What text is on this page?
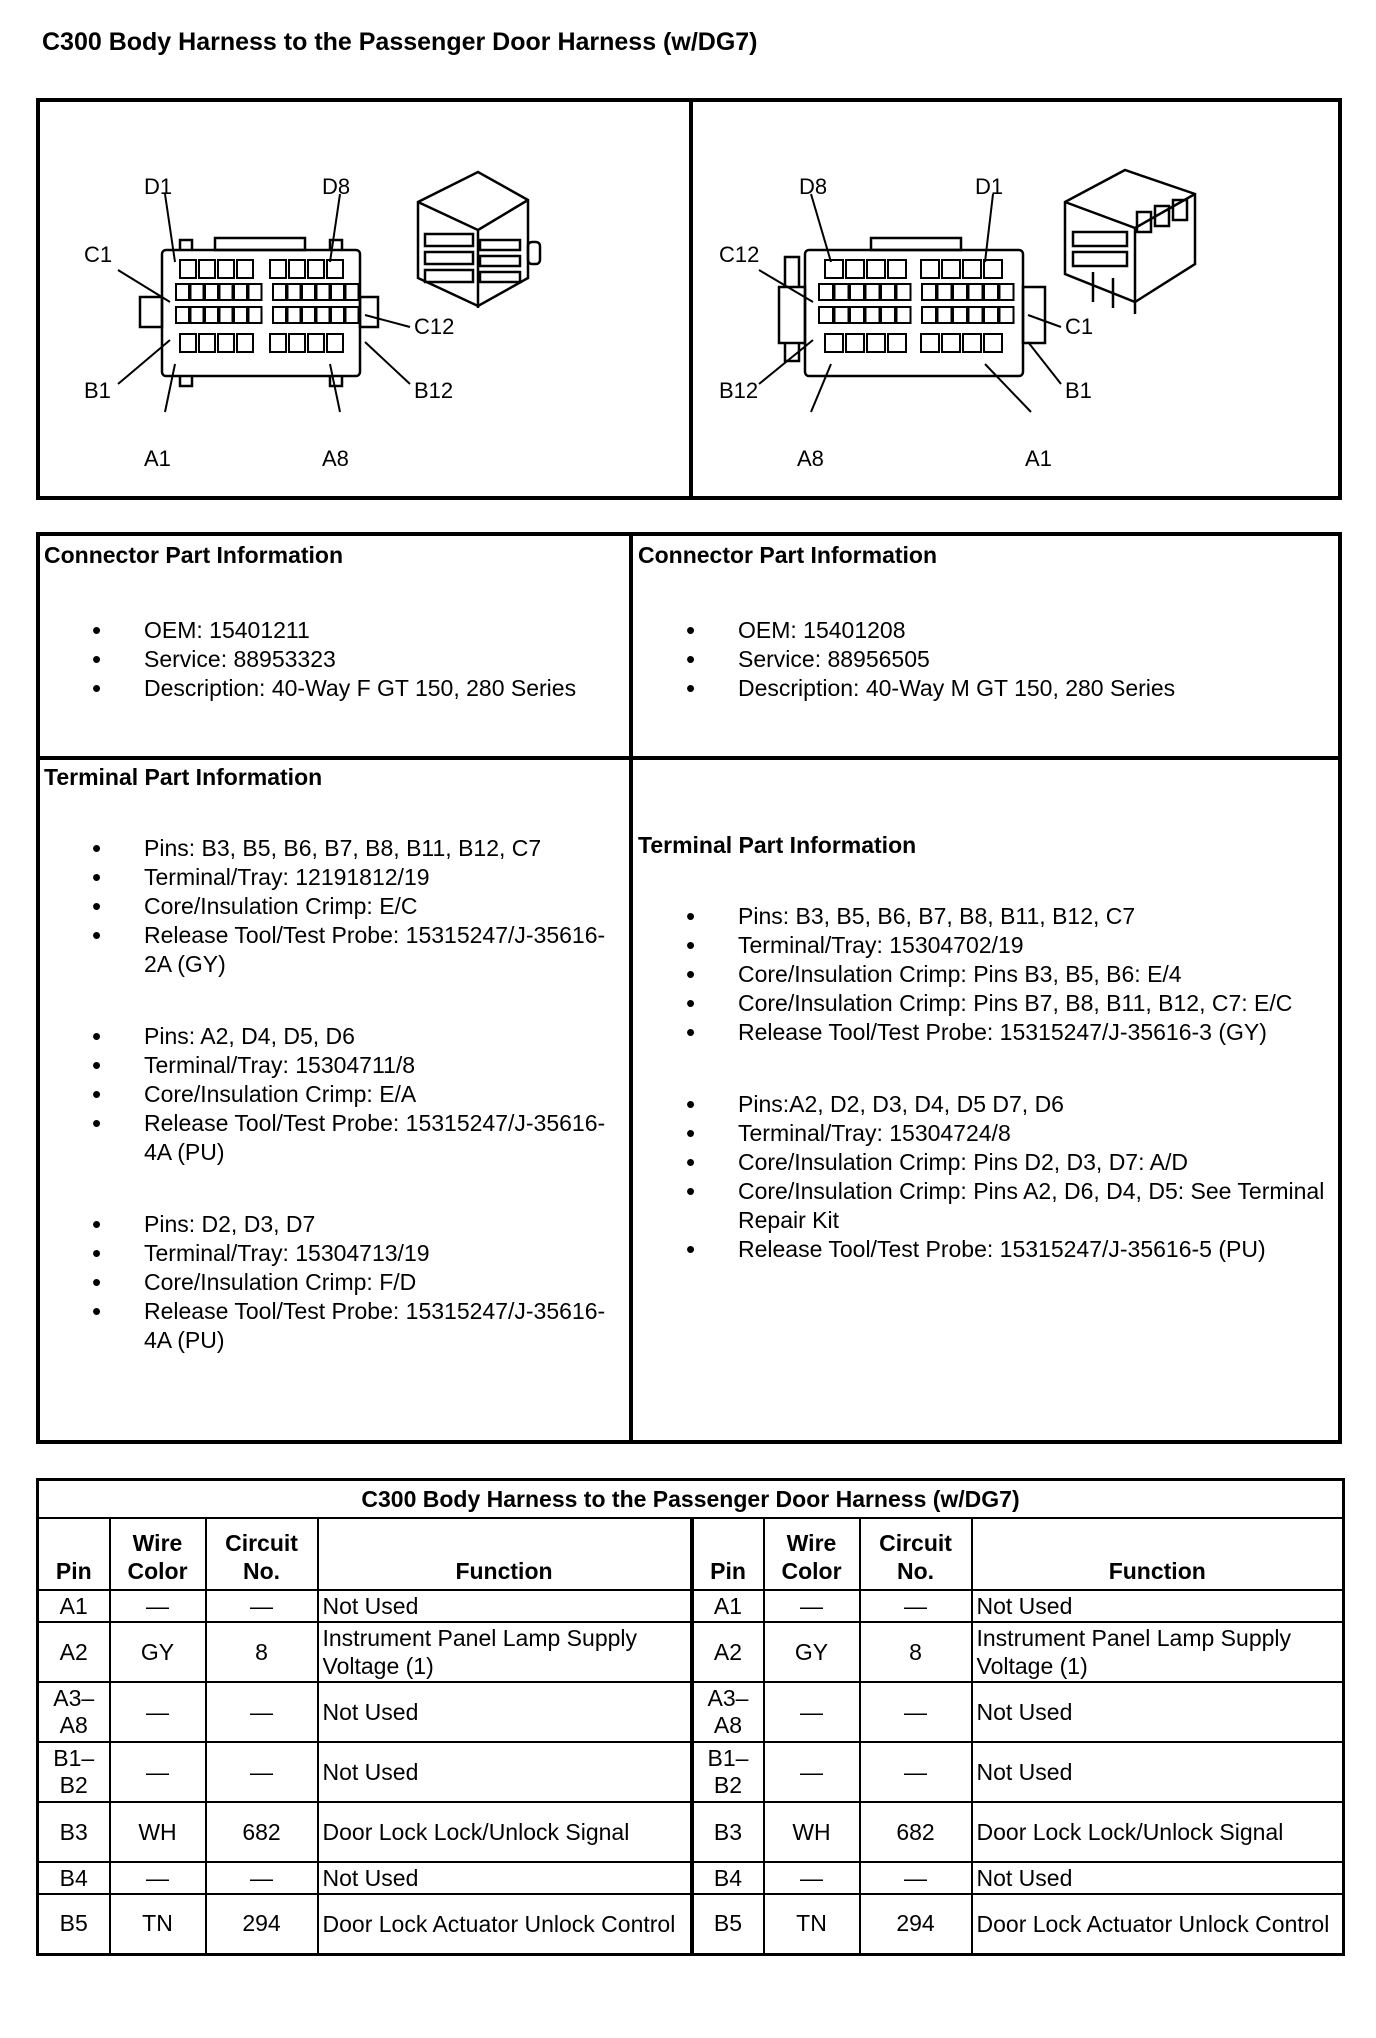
C300 Body Harness to the Passenger Door Harness (w/DG7)
D1	D8
C1
C12
B1	B12
A1	A8
D8	D1
C12
C1
B12	B1
A8	A1
Connector Part Information
• OEM: 15401211
• Service: 88953323
• Description: 40-Way F GT 150, 280 Series
Connector Part Information
• OEM: 15401208
• Service: 88956505
• Description: 40-Way M GT 150, 280 Series
Terminal Part Information
• Pins: B3, B5, B6, B7, B8, B11, B12, C7
• Terminal/Tray: 12191812/19
• Core/Insulation Crimp: E/C
• Release Tool/Test Probe: 15315247/J-35616-2A (GY)
• Pins: A2, D4, D5, D6
• Terminal/Tray: 15304711/8
• Core/Insulation Crimp: E/A
• Release Tool/Test Probe: 15315247/J-35616-4A (PU)
• Pins: D2, D3, D7
• Terminal/Tray: 15304713/19
• Core/Insulation Crimp: F/D
• Release Tool/Test Probe: 15315247/J-35616-4A (PU)
Terminal Part Information
• Pins: B3, B5, B6, B7, B8, B11, B12, C7
• Terminal/Tray: 15304702/19
• Core/Insulation Crimp: Pins B3, B5, B6: E/4
• Core/Insulation Crimp: Pins B7, B8, B11, B12, C7: E/C
• Release Tool/Test Probe: 15315247/J-35616-3 (GY)
• Pins:A2, D2, D3, D4, D5 D7, D6
• Terminal/Tray: 15304724/8
• Core/Insulation Crimp: Pins D2, D3, D7: A/D
• Core/Insulation Crimp: Pins A2, D6, D4, D5: See Terminal Repair Kit
• Release Tool/Test Probe: 15315247/J-35616-5 (PU)
C300 Body Harness to the Passenger Door Harness (w/DG7)							
Pin	Wire Color	Circuit No.	Function	Pin	Wire Color	Circuit No.	Function
A1	—	—	Not Used	A1	—	—	Not Used
A2	GY	8	Instrument Panel Lamp Supply Voltage (1)	A2	GY	8	Instrument Panel Lamp Supply Voltage (1)
A3–A8	—	—	Not Used	A3–A8	—	—	Not Used
B1–B2	—	—	Not Used	B1–B2	—	—	Not Used
B3	WH	682	Door Lock Lock/Unlock Signal	B3	WH	682	Door Lock Lock/Unlock Signal
B4	—	—	Not Used	B4	—	—	Not Used
B5	TN	294	Door Lock Actuator Unlock Control	B5	TN	294	Door Lock Actuator Unlock Control
